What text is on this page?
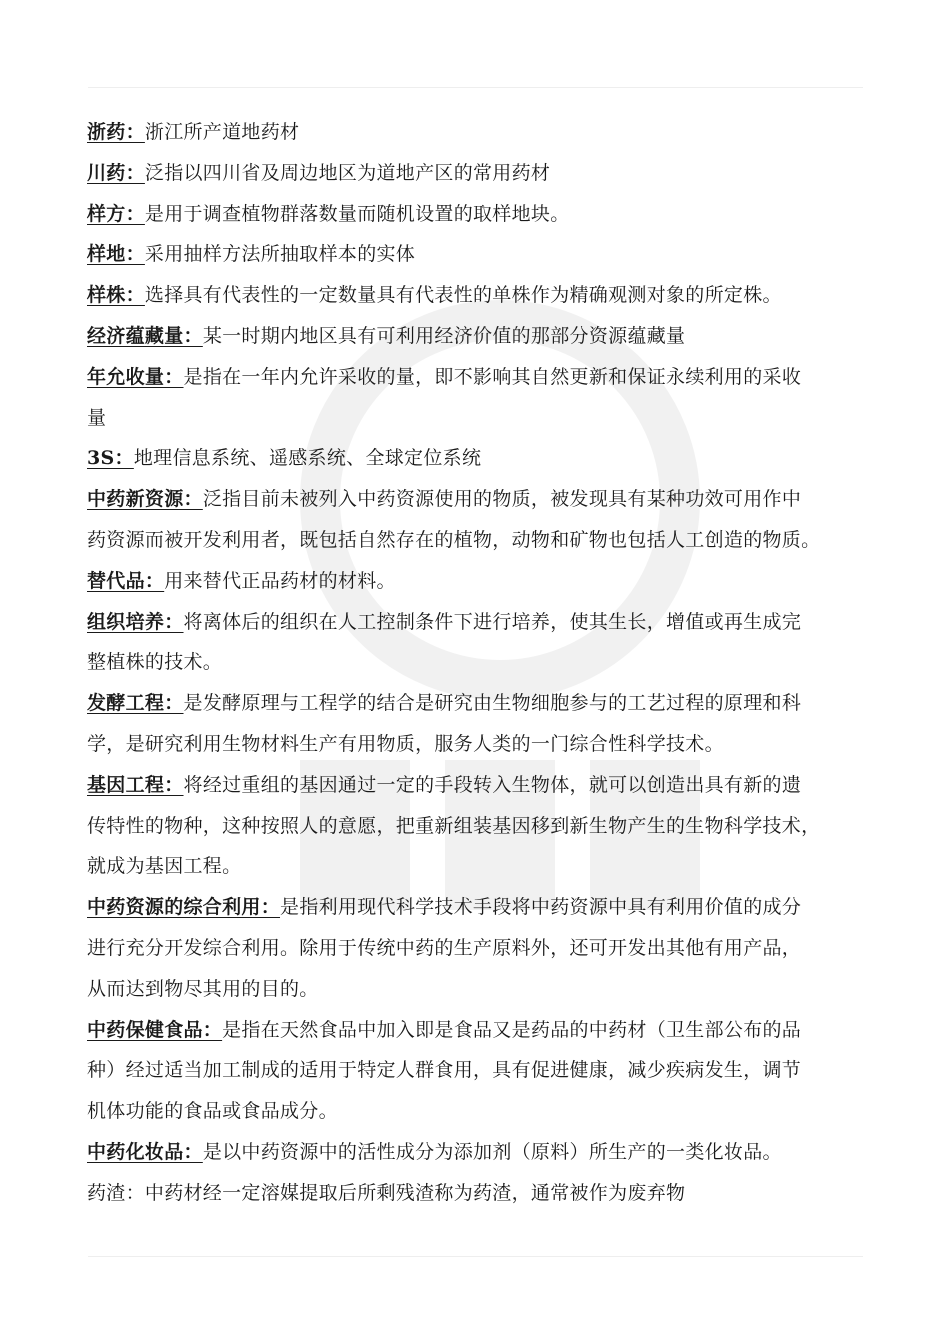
浙药：浙江所产道地药材
川药：泛指以四川省及周边地区为道地产区的常用药材
样方：是用于调查植物群落数量而随机设置的取样地块。
样地：采用抽样方法所抽取样本的实体
样株：选择具有代表性的一定数量具有代表性的单株作为精确观测对象的所定株。
经济蕴藏量：某一时期内地区具有可利用经济价值的那部分资源蕴藏量
年允收量：是指在一年内允许采收的量，即不影响其自然更新和保证永续利用的采收
量
3S：地理信息系统、遥感系统、全球定位系统
中药新资源：泛指目前未被列入中药资源使用的物质，被发现具有某种功效可用作中
药资源而被开发利用者，既包括自然存在的植物，动物和矿物也包括人工创造的物质。
替代品：用来替代正品药材的材料。
组织培养：将离体后的组织在人工控制条件下进行培养，使其生长，增值或再生成完
整植株的技术。
发酵工程：是发酵原理与工程学的结合是研究由生物细胞参与的工艺过程的原理和科
学，是研究利用生物材料生产有用物质，服务人类的一门综合性科学技术。
基因工程：将经过重组的基因通过一定的手段转入生物体，就可以创造出具有新的遗
传特性的物种，这种按照人的意愿，把重新组装基因移到新生物产生的生物科学技术，
就成为基因工程。
中药资源的综合利用：是指利用现代科学技术手段将中药资源中具有利用价值的成分
进行充分开发综合利用。除用于传统中药的生产原料外，还可开发出其他有用产品，
从而达到物尽其用的目的。
中药保健食品：是指在天然食品中加入即是食品又是药品的中药材（卫生部公布的品
种）经过适当加工制成的适用于特定人群食用，具有促进健康，减少疾病发生，调节
机体功能的食品或食品成分。
中药化妆品：是以中药资源中的活性成分为添加剂（原料）所生产的一类化妆品。
药渣：中药材经一定溶媒提取后所剩残渣称为药渣，通常被作为废弃物
